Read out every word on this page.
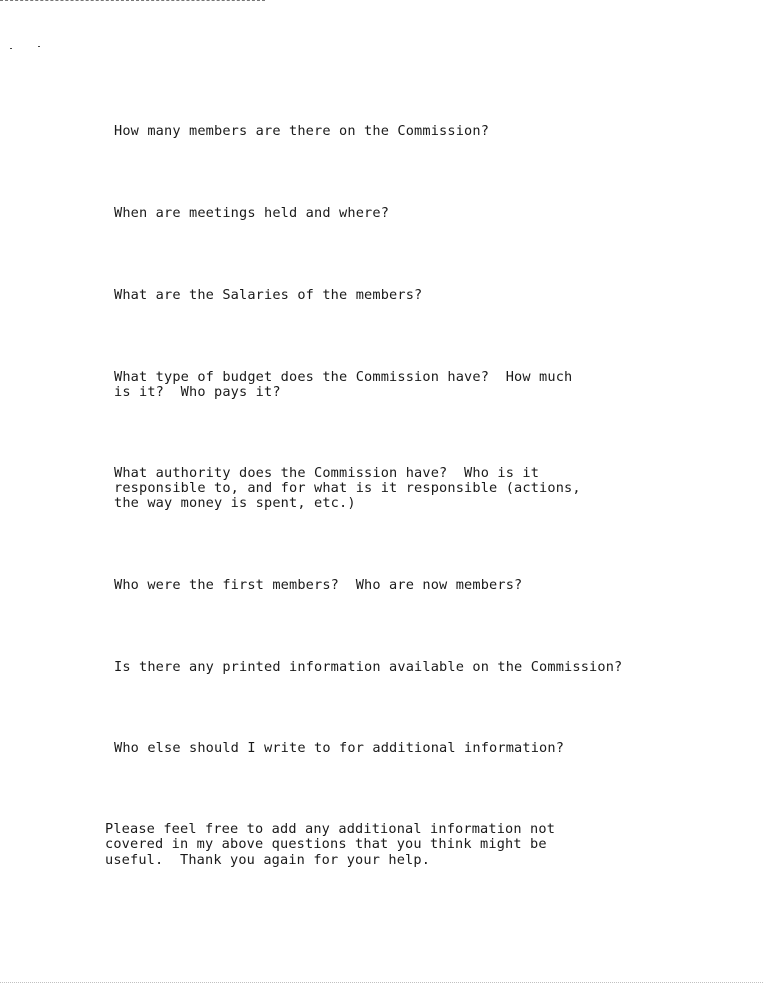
How many members are there on the Commission?

When are meetings held and where?

What are the Salaries of the members?

What type of budget does the Commission have?  How much

is it?  Who pays it?

What authority does the Commission have?  Who is it

responsible to, and for what is it responsible (actions,

the way money is spent, etc.)

Who were the first members?  Who are now members?

Is there any printed information available on the Commission?

Who else should I write to for additional information?

Please feel free to add any additional information not

covered in my above questions that you think might be

useful.  Thank you again for your help.
